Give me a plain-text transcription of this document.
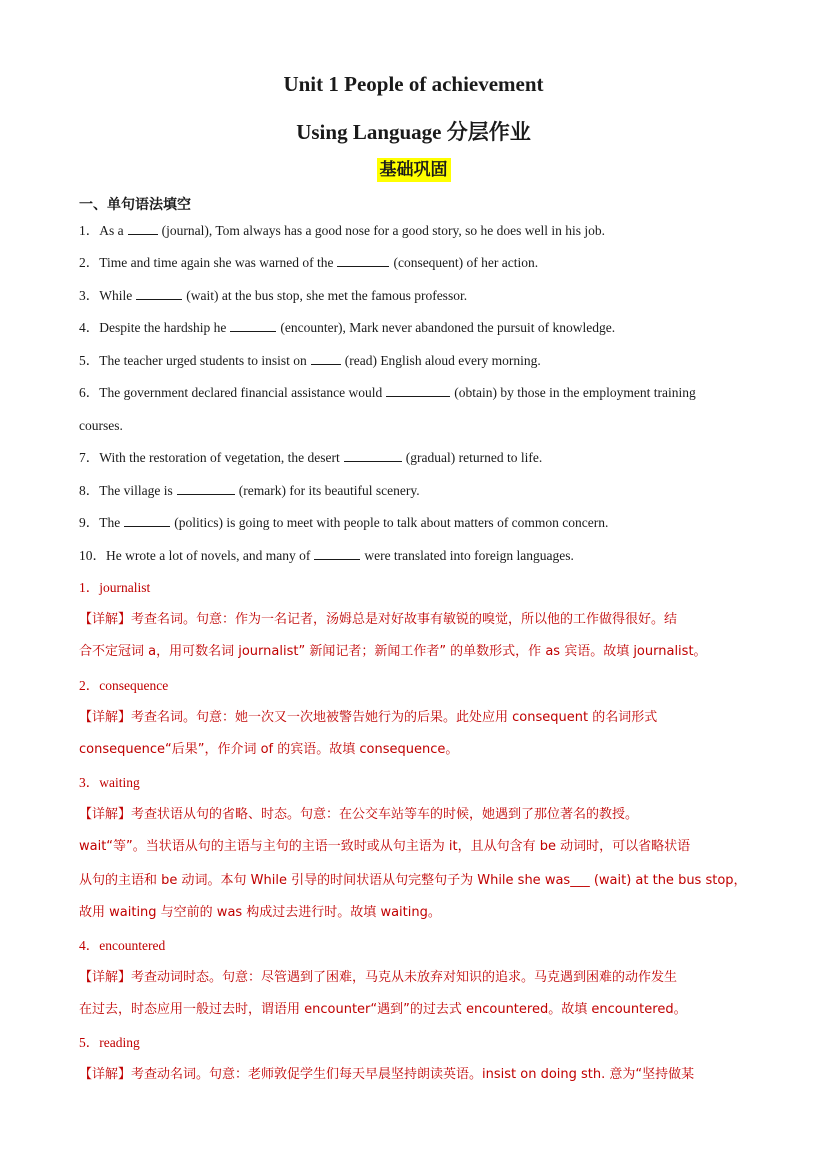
Unit 1 People of achievement
Using Language 分层作业
基础巩固
一、单句语法填空
1．As a	(journal), Tom always has a good nose for a good story, so he does well in his job.
2．Time and time again she was warned of the	(consequent) of her action.
3．While	(wait) at the bus stop, she met the famous professor.
4．Despite the hardship he	(encounter), Mark never abandoned the pursuit of knowledge.
5．The teacher urged students to insist on	(read) English aloud every morning.
6．The government declared financial assistance would	(obtain) by those in the employment training
courses.
7．With the restoration of vegetation, the desert	(gradual) returned to life.
8．The village is	(remark) for its beautiful scenery.
9．The	(politics) is going to meet with people to talk about matters of common concern.
10．He wrote a lot of novels, and many of	were translated into foreign languages.
1．journalist
【详解】考查名词。句意：作为一名记者，汤姆总是对好故事有敏锐的嗅觉，所以他的工作做得很好。结
合不定冠词 a，用可数名词 journalist” 新闻记者；新闻工作者” 的单数形式，作 as 宾语。故填 journalist。
2．consequence
【详解】考查名词。句意：她一次又一次地被警告她行为的后果。此处应用 consequent 的名词形式
consequence“后果”，作介词 of 的宾语。故填 consequence。
3．waiting
【详解】考查状语从句的省略、时态。句意：在公交车站等车的时候，她遇到了那位著名的教授。
wait“等”。当状语从句的主语与主句的主语一致时或从句主语为 it，且从句含有 be 动词时，可以省略状语
从句的主语和 be 动词。本句 While 引导的时间状语从句完整句子为 While she was___ (wait) at the bus stop，
故用 waiting 与空前的 was 构成过去进行时。故填 waiting。
4．encountered
【详解】考查动词时态。句意：尽管遇到了困难，马克从未放弃对知识的追求。马克遇到困难的动作发生
在过去，时态应用一般过去时，谓语用 encounter“遇到”的过去式 encountered。故填 encountered。
5．reading
【详解】考查动名词。句意：老师敦促学生们每天早晨坚持朗读英语。insist on doing sth. 意为“坚持做某
